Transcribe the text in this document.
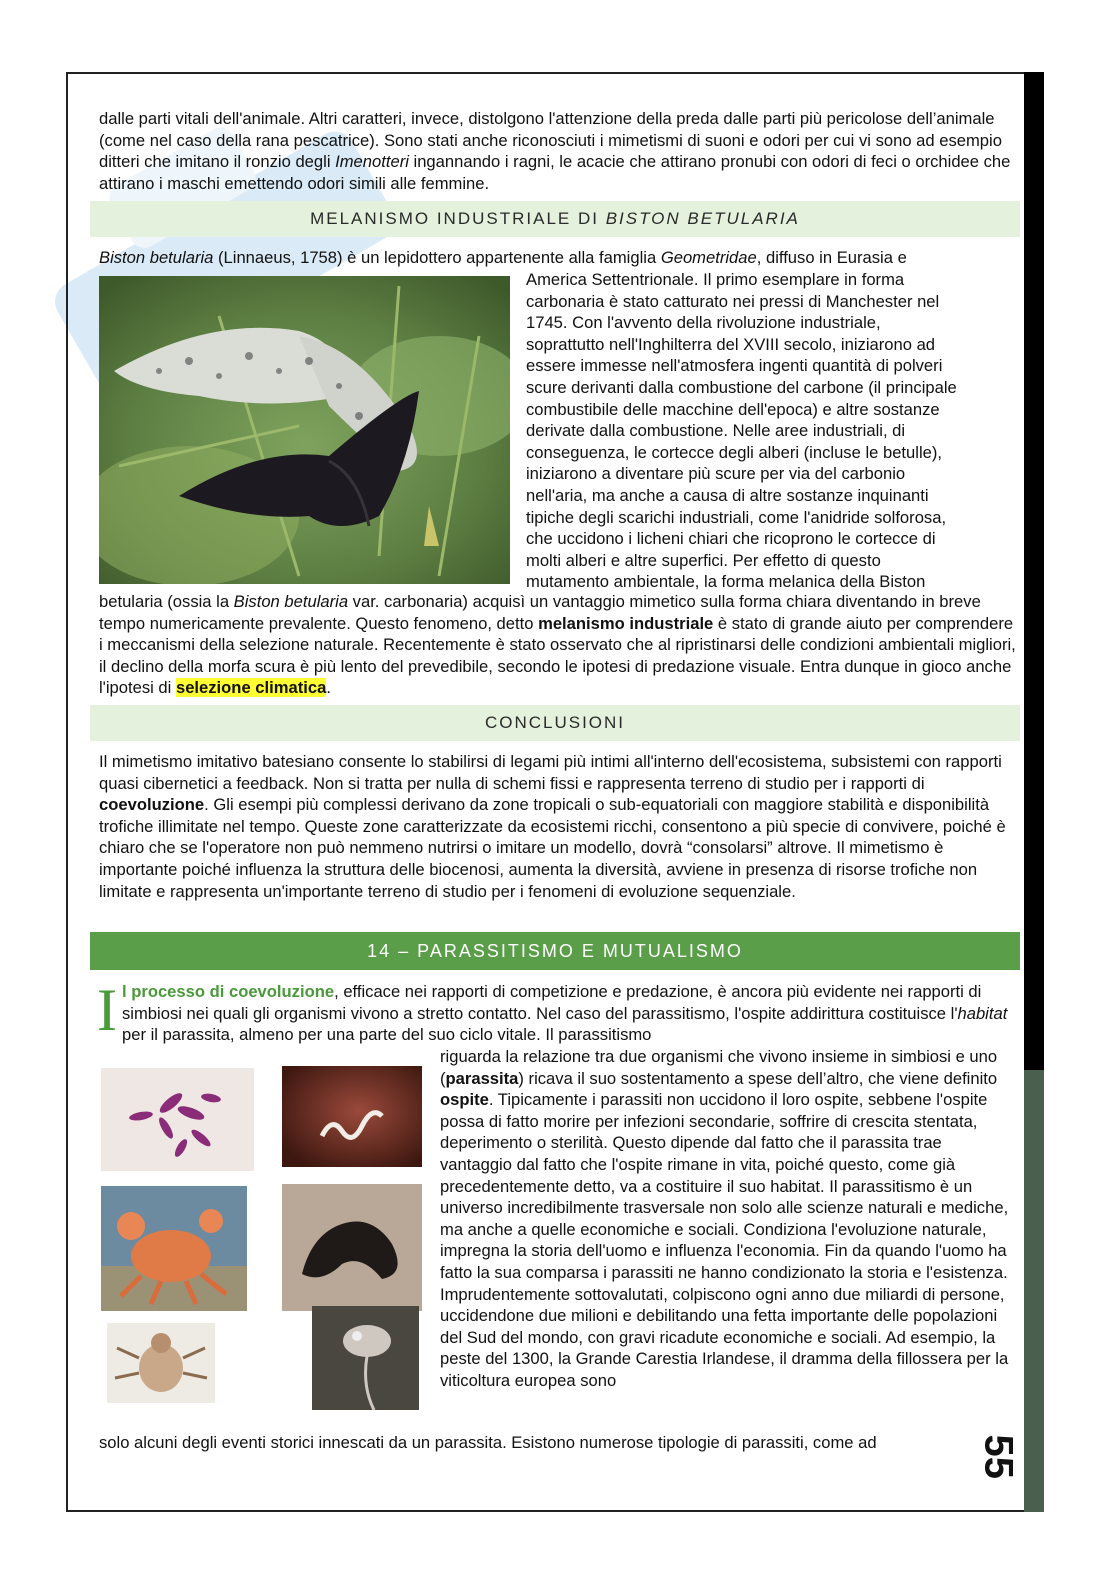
55
dalle parti vitali dell'animale. Altri caratteri, invece, distolgono l'attenzione della preda dalle parti più pericolose dell’animale (come nel caso della rana pescatrice). Sono stati anche riconosciuti i mimetismi di suoni e odori per cui vi sono ad esempio ditteri che imitano il ronzio degli Imenotteri ingannando i ragni, le acacie che attirano pronubi con odori di feci o orchidee che attirano i maschi emettendo odori simili alle femmine.
MELANISMO INDUSTRIALE DI BISTON BETULARIA
Biston betularia (Linnaeus, 1758) è un lepidottero appartenente alla famiglia Geometridae, diffuso in Eurasia e
America Settentrionale. Il primo esemplare in forma
carbonaria è stato catturato nei pressi di Manchester nel
1745. Con l'avvento della rivoluzione industriale,
soprattutto nell'Inghilterra del XVIII secolo, iniziarono ad
essere immesse nell'atmosfera ingenti quantità di polveri
scure derivanti dalla combustione del carbone (il principale
combustibile delle macchine dell'epoca) e altre sostanze
derivate dalla combustione. Nelle aree industriali, di
conseguenza, le cortecce degli alberi (incluse le betulle),
iniziarono a diventare più scure per via del carbonio
nell'aria, ma anche a causa di altre sostanze inquinanti
tipiche degli scarichi industriali, come l'anidride solforosa,
che uccidono i licheni chiari che ricoprono le cortecce di
molti alberi e altre superfici. Per effetto di questo
mutamento ambientale, la forma melanica della Biston
betularia (ossia la Biston betularia var. carbonaria) acquisì un vantaggio mimetico sulla forma chiara diventando in breve tempo numericamente prevalente. Questo fenomeno, detto melanismo industriale è stato di grande aiuto per comprendere i meccanismi della selezione naturale. Recentemente è stato osservato che al ripristinarsi delle condizioni ambientali migliori, il declino della morfa scura è più lento del prevedibile, secondo le ipotesi di predazione visuale. Entra dunque in gioco anche l'ipotesi di selezione climatica.
CONCLUSIONI
Il mimetismo imitativo batesiano consente lo stabilirsi di legami più intimi all'interno dell'ecosistema, subsistemi con rapporti quasi cibernetici a feedback. Non si tratta per nulla di schemi fissi e rappresenta terreno di studio per i rapporti di coevoluzione. Gli esempi più complessi derivano da zone tropicali o sub-equatoriali con maggiore stabilità e disponibilità trofiche illimitate nel tempo. Queste zone caratterizzate da ecosistemi ricchi, consentono a più specie di convivere, poiché è chiaro che se l'operatore non può nemmeno nutrirsi o imitare un modello, dovrà “consolarsi” altrove. Il mimetismo è importante poiché influenza la struttura delle biocenosi, aumenta la diversità, avviene in presenza di risorse trofiche non limitate e rappresenta un'importante terreno di studio per i fenomeni di evoluzione sequenziale.
14 – PARASSITISMO E MUTUALISMO
I l processo di coevoluzione, efficace nei rapporti di competizione e predazione, è ancora più evidente nei rapporti di simbiosi nei quali gli organismi vivono a stretto contatto. Nel caso del parassitismo, l'ospite addirittura costituisce l'habitat per il parassita, almeno per una parte del suo ciclo vitale. Il parassitismo
riguarda la relazione tra due organismi che vivono insieme in simbiosi e uno (parassita) ricava il suo sostentamento a spese dell’altro, che viene definito ospite. Tipicamente i parassiti non uccidono il loro ospite, sebbene l'ospite possa di fatto morire per infezioni secondarie, soffrire di crescita stentata, deperimento o sterilità. Questo dipende dal fatto che il parassita trae vantaggio dal fatto che l'ospite rimane in vita, poiché questo, come già precedentemente detto, va a costituire il suo habitat. Il parassitismo è un universo incredibilmente trasversale non solo alle scienze naturali e mediche, ma anche a quelle economiche e sociali. Condiziona l'evoluzione naturale, impregna la storia dell'uomo e influenza l'economia. Fin da quando l'uomo ha fatto la sua comparsa i parassiti ne hanno condizionato la storia e l'esistenza. Imprudentemente sottovalutati, colpiscono ogni anno due miliardi di persone, uccidendone due milioni e debilitando una fetta importante delle popolazioni del Sud del mondo, con gravi ricadute economiche e sociali. Ad esempio, la peste del 1300, la Grande Carestia Irlandese, il dramma della fillossera per la viticoltura europea sono
solo alcuni degli eventi storici innescati da un parassita. Esistono numerose tipologie di parassiti, come ad
